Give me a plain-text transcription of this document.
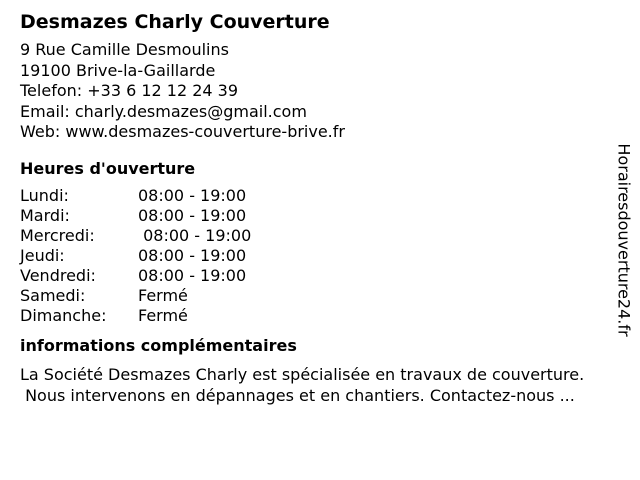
Desmazes Charly Couverture
9 Rue Camille Desmoulins
19100 Brive-la-Gaillarde
Telefon: +33 6 12 12 24 39
Email: charly.desmazes@gmail.com
Web: www.desmazes-couverture-brive.fr
Heures d'ouverture
Lundi:	08:00 - 19:00
Mardi:	08:00 - 19:00
Mercredi:	08:00 - 19:00
Jeudi:	08:00 - 19:00
Vendredi:	08:00 - 19:00
Samedi:	Fermé
Dimanche:	Fermé
informations complémentaires
La Société Desmazes Charly est spécialisée en travaux de couverture.
Nous intervenons en dépannages et en chantiers. Contactez-nous ...
Horairesdouverture24.fr
